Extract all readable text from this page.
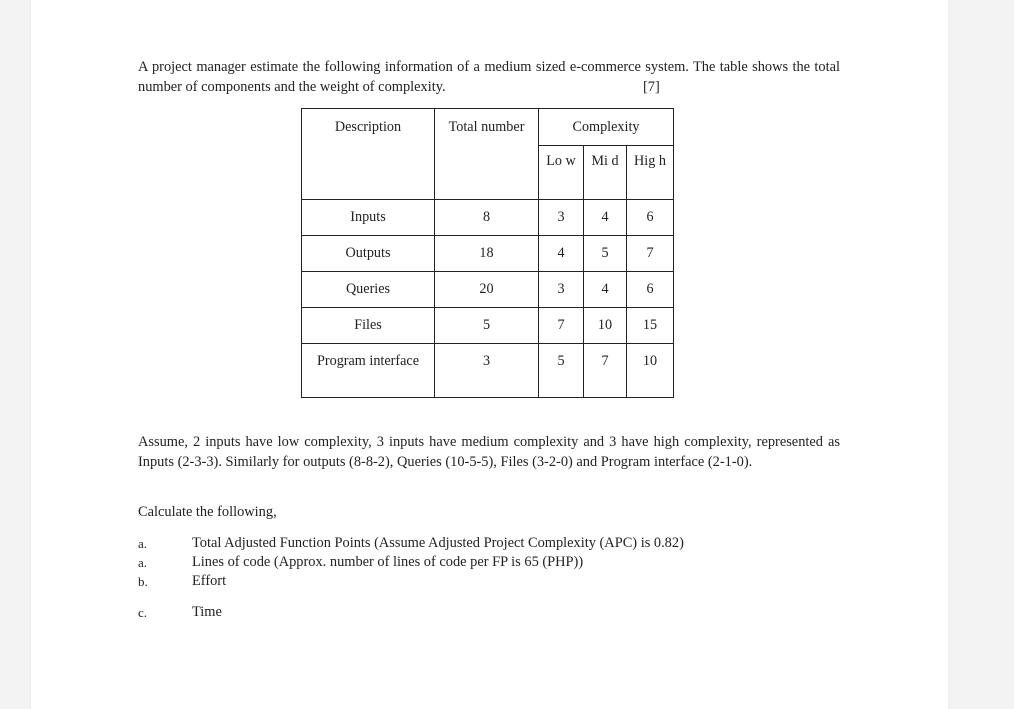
A project manager estimate the following information of a medium sized e-commerce system. The table shows the total number of components and the weight of complexity.	[7]
Description	Total number	Complexity		

		Lo w	Mi d	Hig h

Inputs	8	3	4	6

Outputs	18	4	5	7

Queries	20	3	4	6

Files	5	7	10	15

Program interface	3	5	7	10

Assume, 2 inputs have low complexity, 3 inputs have medium complexity and 3 have high complexity, represented as Inputs (2-3-3). Similarly for outputs (8-8-2), Queries (10-5-5), Files (3-2-0) and Program interface (2-1-0).

Calculate the following,
a.	Total Adjusted Function Points (Assume Adjusted Project Complexity (APC) is 0.82)
a.	Lines of code (Approx. number of lines of code per FP is 65 (PHP))
b.	Effort
c.	Time
